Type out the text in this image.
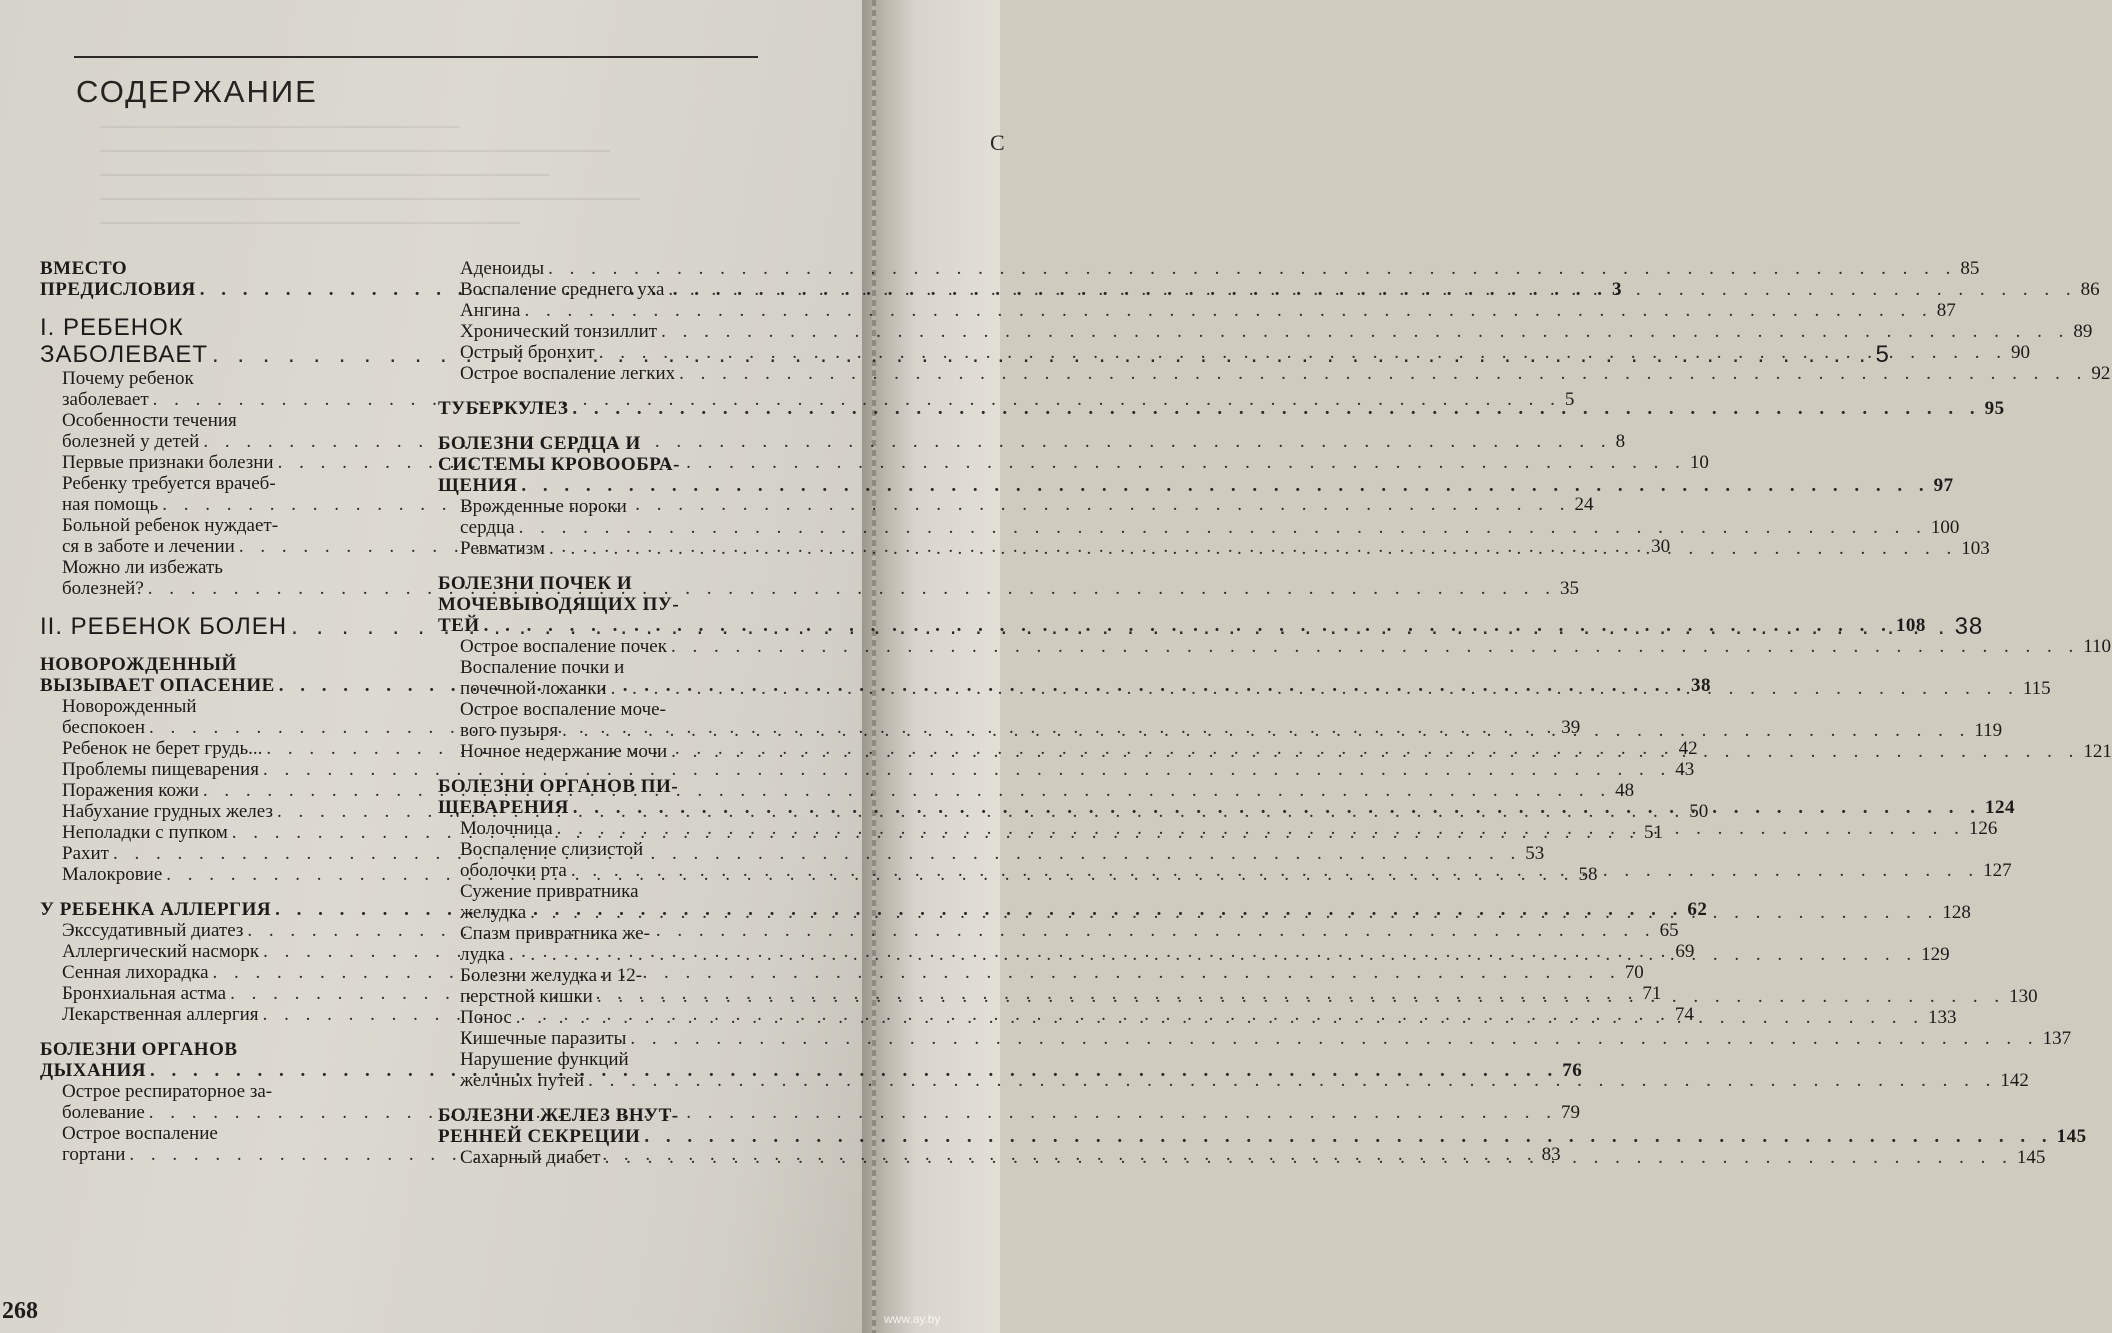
СОДЕРЖАНИЕ
ВМЕСТО
ПРЕДИСЛОВИЯ . . .	3
I. РЕБЕНОК
ЗАБОЛЕВАЕТ . . .	5
Почему ребенок
заболевает . . .	5
Особенности течения
болезней у детей . . .	8
Первые признаки болезни . . .	10
Ребенку требуется врачеб-
ная помощь . . .	24
Больной ребенок нуждает-
ся в заботе и лечении . . .	30
Можно ли избежать
болезней? . . .	35
II. РЕБЕНОК БОЛЕН . . .	38
НОВОРОЖДЕННЫЙ
ВЫЗЫВАЕТ ОПАСЕНИЕ . . .	38
Новорожденный
беспокоен . . .	39
Ребенок не берет грудь... . . .	42
Проблемы пищеварения . . .	43
Поражения кожи . . .	48
Набухание грудных желез . . .	50
Неполадки с пупком . . .	51
Рахит . . .	53
Малокровие . . .	58
У РЕБЕНКА АЛЛЕРГИЯ . . .	62
Экссудативный диатез . . .	65
Аллергический насморк . . .	69
Сенная лихорадка . . .	70
Бронхиальная астма . . .	71
Лекарственная аллергия . . .	74
БОЛЕЗНИ ОРГАНОВ
ДЫХАНИЯ . . .	76
Острое респираторное за-
болевание . . .	79
Острое воспаление
гортани . . .	83
Аденоиды . . .	85
Воспаление среднего уха . . .	86
Ангина . . .	87
Хронический тонзиллит . . .	89
Острый бронхит . . .	90
Острое воспаление легких . . .	92
ТУБЕРКУЛЕЗ . . .	95
БОЛЕЗНИ СЕРДЦА И
СИСТЕМЫ КРОВООБРА-
ЩЕНИЯ . . .	97
Врожденные пороки
сердца . . .	100
Ревматизм . . .	103
БОЛЕЗНИ ПОЧЕК И
МОЧЕВЫВОДЯЩИХ ПУ-
ТЕЙ . . .	108
Острое воспаление почек . . .	110
Воспаление почки и
почечной лоханки . . .	115
Острое воспаление моче-
вого пузыря . . .	119
Ночное недержание мочи . . .	121
БОЛЕЗНИ ОРГАНОВ ПИ-
ЩЕВАРЕНИЯ . . .	124
Молочница . . .	126
Воспаление слизистой
оболочки рта . . .	127
Сужение привратника
желудка . . .	128
Спазм привратника же-
лудка . . .	129
Болезни желудка и 12-
перстной кишки . . .	130
Понос . . .	133
Кишечные паразиты . . .	137
Нарушение функций
желчных путей . . .	142
БОЛЕЗНИ ЖЕЛЕЗ ВНУТ-
РЕННЕЙ СЕКРЕЦИИ . . .	145
Сахарный диабет . . .	145
268
С
www.ay.by
